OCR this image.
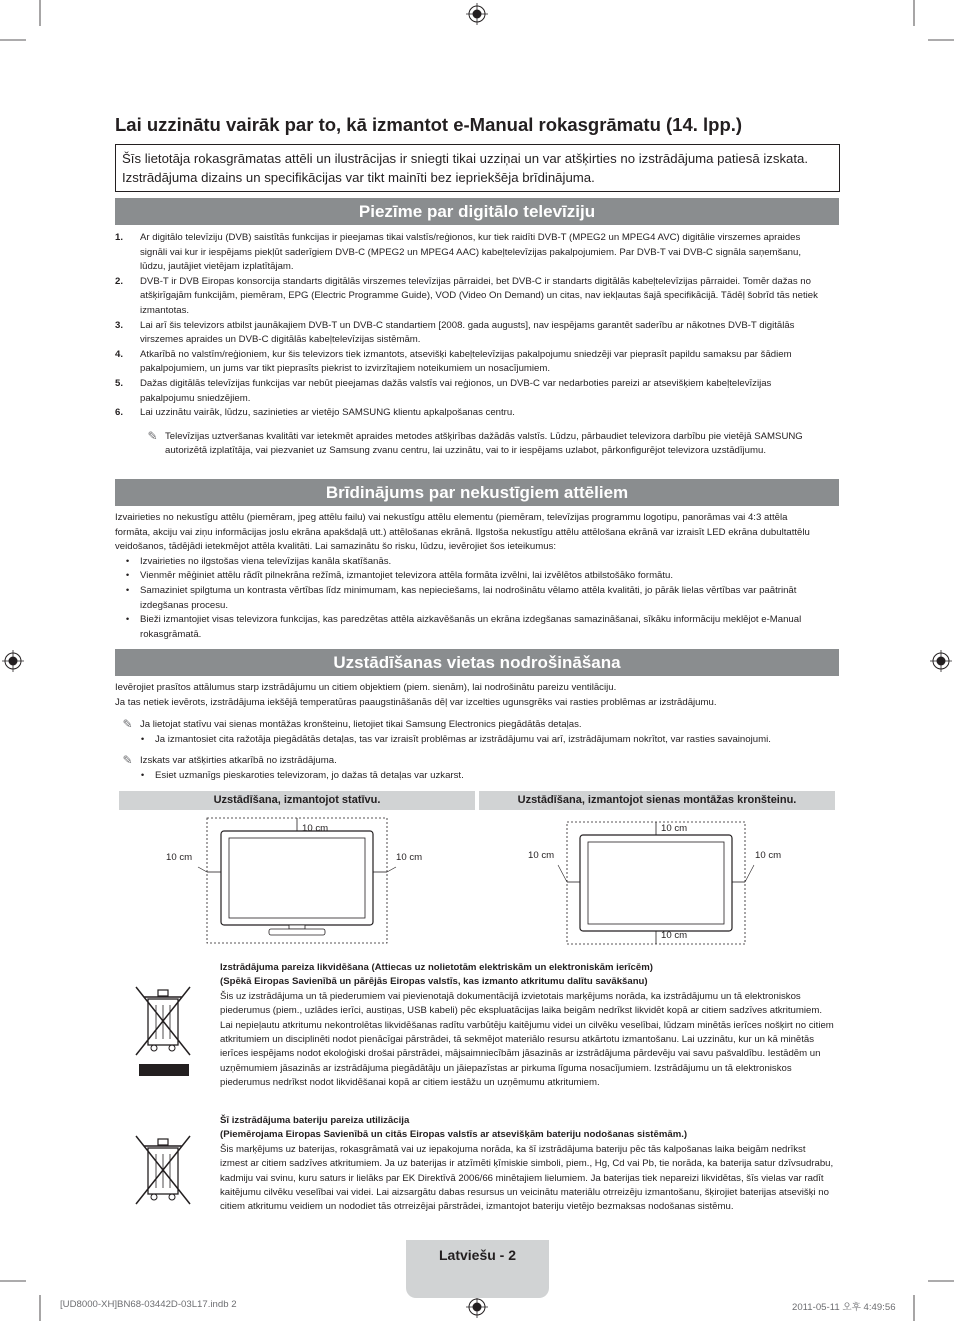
Lai uzzinātu vairāk par to, kā izmantot e-Manual rokasgrāmatu (14. lpp.)
Šīs lietotāja rokasgrāmatas attēli un ilustrācijas ir sniegti tikai uzziņai un var atšķirties no izstrādājuma patiesā izskata. Izstrādājuma dizains un specifikācijas var tikt mainīti bez iepriekšēja brīdinājuma.
Piezīme par digitālo televīziju
1.	Ar digitālo televīziju (DVB) saistītās funkcijas ir pieejamas tikai valstīs/reģionos, kur tiek raidīti DVB-T (MPEG2 un MPEG4 AVC) digitālie virszemes apraides signāli vai kur ir iespējams piekļūt saderīgiem DVB-C (MPEG2 un MPEG4 AAC) kabeļtelevīzijas pakalpojumiem. Par DVB-T vai DVB-C signāla saņemšanu, lūdzu, jautājiet vietējam izplatītājam.
2.	DVB-T ir DVB Eiropas konsorcija standarts digitālās virszemes televīzijas pārraidei, bet DVB-C ir standarts digitālās kabeļtelevīzijas pārraidei. Tomēr dažas no atšķirīgajām funkcijām, piemēram, EPG (Electric Programme Guide), VOD (Video On Demand) un citas, nav iekļautas šajā specifikācijā. Tādēļ šobrīd tās netiek izmantotas.
3.	Lai arī šis televizors atbilst jaunākajiem DVB-T un DVB-C standartiem [2008. gada augusts], nav iespējams garantēt saderību ar nākotnes DVB-T digitālās virszemes apraides un DVB-C digitālās kabeļtelevīzijas sistēmām.
4.	Atkarībā no valstīm/reģioniem, kur šis televizors tiek izmantots, atsevišķi kabeļtelevīzijas pakalpojumu sniedzēji var pieprasīt papildu samaksu par šādiem pakalpojumiem, un jums var tikt pieprasīts piekrist to izvirzītajiem noteikumiem un nosacījumiem.
5.	Dažas digitālās televīzijas funkcijas var nebūt pieejamas dažās valstīs vai reģionos, un DVB-C var nedarboties pareizi ar atsevišķiem kabeļtelevīzijas pakalpojumu sniedzējiem.
6.	Lai uzzinātu vairāk, lūdzu, sazinieties ar vietējo SAMSUNG klientu apkalpošanas centru.
✎ Televīzijas uztveršanas kvalitāti var ietekmēt apraides metodes atšķirības dažādās valstīs. Lūdzu, pārbaudiet televizora darbību pie vietējā SAMSUNG autorizētā izplatītāja, vai piezvaniet uz Samsung zvanu centru, lai uzzinātu, vai to ir iespējams uzlabot, pārkonfigurējot televizora uzstādījumu.
Brīdinājums par nekustīgiem attēliem
Izvairieties no nekustīgu attēlu (piemēram, jpeg attēlu failu) vai nekustīgu attēlu elementu (piemēram, televīzijas programmu logotipu, panorāmas vai 4:3 attēla formāta, akciju vai ziņu informācijas joslu ekrāna apakšdaļā utt.) attēlošanas ekrānā. Ilgstoša nekustīgu attēlu attēlošana ekrānā var izraisīt LED ekrāna dubultattēlu veidošanos, tādējādi ietekmējot attēla kvalitāti. Lai samazinātu šo risku, lūdzu, ievērojiet šos ieteikumus:
•	Izvairieties no ilgstošas viena televīzijas kanāla skatīšanās.
•	Vienmēr mēģiniet attēlu rādīt pilnekrāna režīmā, izmantojiet televizora attēla formāta izvēlni, lai izvēlētos atbilstošāko formātu.
•	Samaziniet spilgtuma un kontrasta vērtības līdz minimumam, kas nepieciešams, lai nodrošinātu vēlamo attēla kvalitāti, jo pārāk lielas vērtības var paātrināt izdegšanas procesu.
•	Bieži izmantojiet visas televizora funkcijas, kas paredzētas attēla aizkavēšanās un ekrāna izdegšanas samazināšanai, sīkāku informāciju meklējot e-Manual rokasgrāmatā.
Uzstādīšanas vietas nodrošināšana
Ievērojiet prasītos attālumus starp izstrādājumu un citiem objektiem (piem. sienām), lai nodrošinātu pareizu ventilāciju.
Ja tas netiek ievērots, izstrādājuma iekšējā temperatūras paaugstināšanās dēļ var izcelties ugunsgrēks vai rasties problēmas ar izstrādājumu.
✎ Ja lietojat statīvu vai sienas montāžas kronšteinu, lietojiet tikai Samsung Electronics piegādātās detaļas.
•	Ja izmantosiet cita ražotāja piegādātās detaļas, tas var izraisīt problēmas ar izstrādājumu vai arī, izstrādājumam nokrītot, var rasties savainojumi.
✎ Izskats var atšķirties atkarībā no izstrādājuma.
•	Esiet uzmanīgs pieskaroties televizoram, jo dažas tā detaļas var uzkarst.
Uzstādīšana, izmantojot statīvu.	Uzstādīšana, izmantojot sienas montāžas kronšteinu.
10 cm
10 cm	10 cm
10 cm
10 cm	10 cm
10 cm
Izstrādājuma pareiza likvidēšana (Attiecas uz nolietotām elektriskām un elektroniskām ierīcēm)
(Spēkā Eiropas Savienībā un pārējās Eiropas valstīs, kas izmanto atkritumu dalītu savākšanu)
Šis uz izstrādājuma un tā piederumiem vai pievienotajā dokumentācijā izvietotais marķējums norāda, ka izstrādājumu un tā elektroniskos piederumus (piem., uzlādes ierīci, austiņas, USB kabeli) pēc ekspluatācijas laika beigām nedrīkst likvidēt kopā ar citiem sadzīves atkritumiem. Lai nepieļautu atkritumu nekontrolētas likvidēšanas radītu varbūtēju kaitējumu videi un cilvēku veselībai, lūdzam minētās ierīces nošķirt no citiem atkritumiem un disciplinēti nodot pienācīgai pārstrādei, tā sekmējot materiālo resursu atkārtotu izmantošanu. Lai uzzinātu, kur un kā minētās ierīces iespējams nodot ekoloģiski drošai pārstrādei, mājsaimniecībām jāsazinās ar izstrādājuma pārdevēju vai savu pašvaldību. Iestādēm un uzņēmumiem jāsazinās ar izstrādājuma piegādātāju un jāiepazīstas ar pirkuma līguma nosacījumiem. Izstrādājumu un tā elektroniskos piederumus nedrīkst nodot likvidēšanai kopā ar citiem iestāžu un uzņēmumu atkritumiem.
Šī izstrādājuma bateriju pareiza utilizācija
(Piemērojama Eiropas Savienībā un citās Eiropas valstīs ar atsevišķām bateriju nodošanas sistēmām.)
Šis marķējums uz baterijas, rokasgrāmatā vai uz iepakojuma norāda, ka šī izstrādājuma bateriju pēc tās kalpošanas laika beigām nedrīkst izmest ar citiem sadzīves atkritumiem. Ja uz baterijas ir atzīmēti ķīmiskie simboli, piem., Hg, Cd vai Pb, tie norāda, ka baterija satur dzīvsudrabu, kadmiju vai svinu, kuru saturs ir lielāks par EK Direktīvā 2006/66 minētajiem lielumiem. Ja baterijas tiek nepareizi likvidētas, šīs vielas var radīt kaitējumu cilvēku veselībai vai videi. Lai aizsargātu dabas resursus un veicinātu materiālu otrreizēju izmantošanu, šķirojiet baterijas atsevišķi no citiem atkritumu veidiem un nododiet tās otrreizējai pārstrādei, izmantojot bateriju vietējo bezmaksas nodošanas sistēmu.
Latviešu - 2
[UD8000-XH]BN68-03442D-03L17.indb 2	2011-05-11 오후 4:49:56
